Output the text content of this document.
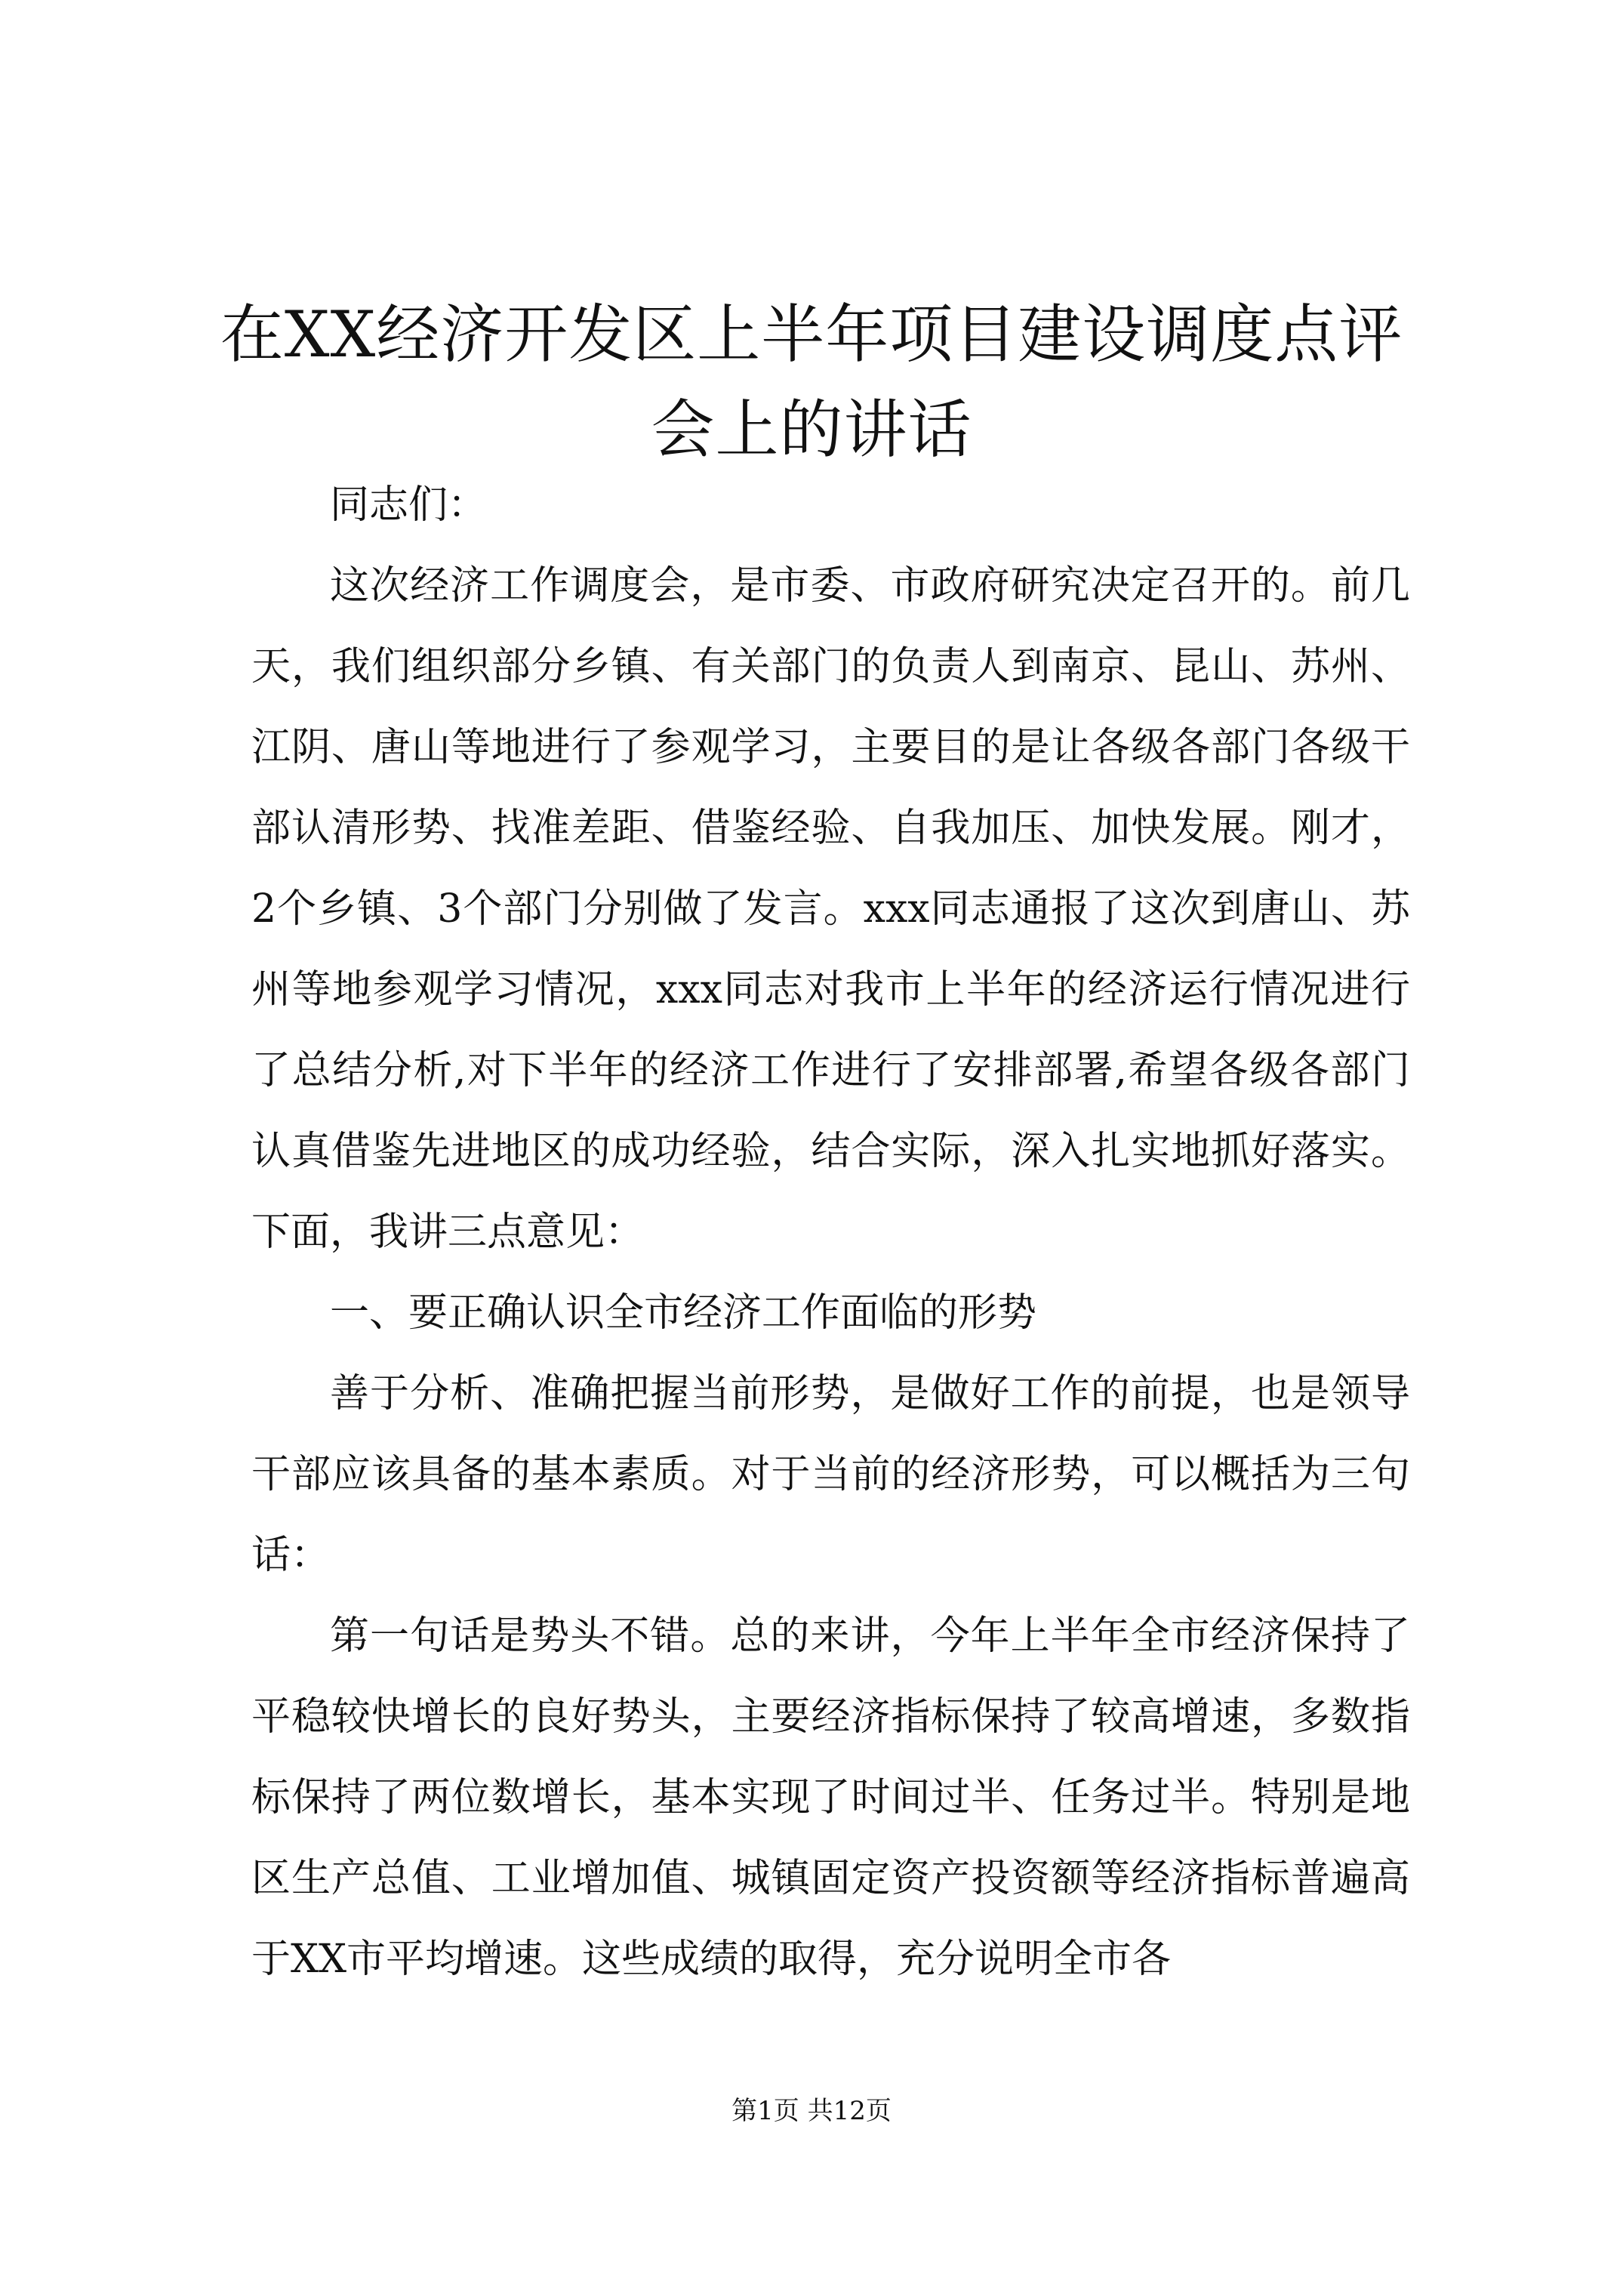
在XX经济开发区上半年项目建设调度点评会上的讲话

同志们：

这次经济工作调度会，是市委、市政府研究决定召开的。前几天，我们组织部分乡镇、有关部门的负责人到南京、昆山、苏州、江阴、唐山等地进行了参观学习，主要目的是让各级各部门各级干部认清形势、找准差距、借鉴经验、自我加压、加快发展。刚才，2个乡镇、3个部门分别做了发言。xxx同志通报了这次到唐山、苏州等地参观学习情况，xxx同志对我市上半年的经济运行情况进行了总结分析,对下半年的经济工作进行了安排部署,希望各级各部门认真借鉴先进地区的成功经验，结合实际，深入扎实地抓好落实。下面，我讲三点意见：

一、要正确认识全市经济工作面临的形势

善于分析、准确把握当前形势，是做好工作的前提，也是领导干部应该具备的基本素质。对于当前的经济形势，可以概括为三句话：

第一句话是势头不错。总的来讲，今年上半年全市经济保持了平稳较快增长的良好势头，主要经济指标保持了较高增速，多数指标保持了两位数增长，基本实现了时间过半、任务过半。特别是地区生产总值、工业增加值、城镇固定资产投资额等经济指标普遍高于XX市平均增速。这些成绩的取得，充分说明全市各

第1页 共12页
